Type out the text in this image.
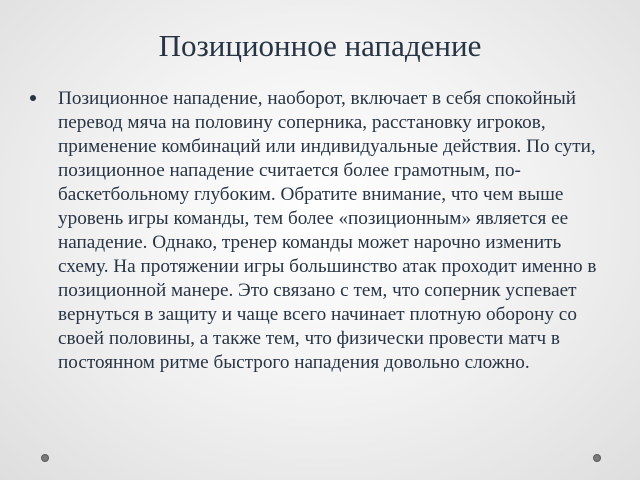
Позиционное нападение

Позиционное нападение, наоборот, включает в себя спокойный перевод мяча на половину соперника, расстановку игроков, применение комбинаций или индивидуальные действия. По сути, позиционное нападение считается более грамотным, по-баскетбольному глубоким. Обратите внимание, что чем выше уровень игры команды, тем более «позиционным» является ее нападение. Однако, тренер команды может нарочно изменить схему. На протяжении игры большинство атак проходит именно в позиционной манере. Это связано с тем, что соперник успевает вернуться в защиту и чаще всего начинает плотную оборону со своей половины, а также тем, что физически провести матч в постоянном ритме быстрого нападения довольно сложно.
